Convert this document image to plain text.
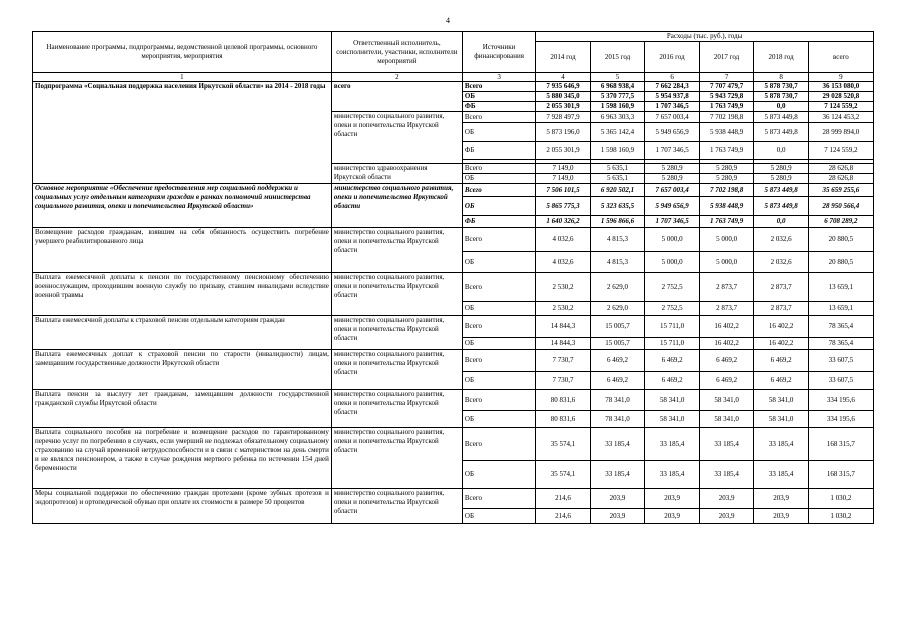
4
Наименование программы, подпрограммы, ведомственной целевой программы, основного мероприятия, мероприятия	Ответственный исполнитель, соисполнители, участники, исполнители мероприятий	Источники финансирования	Расходы (тыс. руб.), годы					
			2014 год	2015 год	2016 год	2017 год	2018 год	всего
1	2	3	4	5	6	7	8	9
Подпрограмма «Социальная поддержка населения Иркутской области» на 2014 - 2018 годы	всего	Всего	7 935 646,9	6 968 938,4	7 662 284,3	7 707 479,7	5 878 730,7	36 153 080,0
		ОБ	5 880 345,0	5 370 777,5	5 954 937,8	5 943 729,8	5 878 730,7	29 028 520,8
		ФБ	2 055 301,9	1 598 160,9	1 707 346,5	1 763 749,9	0,0	7 124 559,2
	министерство социального развития, опеки и попечительства Иркутской области	Всего	7 928 497,9	6 963 303,3	7 657 003,4	7 702 198,8	5 873 449,8	36 124 453,2
		ОБ	5 873 196,0	5 365 142,4	5 949 656,9	5 938 448,9	5 873 449,8	28 999 894,0
		ФБ	2 055 301,9	1 598 160,9	1 707 346,5	1 763 749,9	0,0	7 124 559,2

	министерство здравоохранения Иркутской области	Всего	7 149,0	5 635,1	5 280,9	5 280,9	5 280,9	28 626,8
		ОБ	7 149,0	5 635,1	5 280,9	5 280,9	5 280,9	28 626,8
Основное мероприятие «Обеспечение предоставления мер социальной поддержки и социальных услуг отдельным категориям граждан в рамках полномочий министерства социального развития, опеки и попечительства Иркутской области»	министерство социального развития, опеки и попечительства Иркутской области	Всего	7 506 101,5	6 920 502,1	7 657 003,4	7 702 198,8	5 873 449,8	35 659 255,6
		ОБ	5 865 775,3	5 323 635,5	5 949 656,9	5 938 448,9	5 873 449,8	28 950 566,4
		ФБ	1 640 326,2	1 596 866,6	1 707 346,5	1 763 749,9	0,0	6 708 289,2
Возмещение расходов гражданам, взявшим на себя обязанность осуществить погребение умершего реабилитированного лица	министерство социального развития, опеки и попечительства Иркутской области	Всего	4 032,6	4 815,3	5 000,0	5 000,0	2 032,6	20 880,5
		ОБ	4 032,6	4 815,3	5 000,0	5 000,0	2 032,6	20 880,5
Выплата ежемесячной доплаты к пенсии по государственному пенсионному обеспечению военнослужащим, проходившим военную службу по призыву, ставшим инвалидами вследствие военной травмы	министерство социального развития, опеки и попечительства Иркутской области	Всего	2 530,2	2 629,0	2 752,5	2 873,7	2 873,7	13 659,1
		ОБ	2 530,2	2 629,0	2 752,5	2 873,7	2 873,7	13 659,1
Выплата ежемесячной доплаты к страховой пенсии отдельным категориям граждан	министерство социального развития, опеки и попечительства Иркутской области	Всего	14 844,3	15 005,7	15 711,0	16 402,2	16 402,2	78 365,4
		ОБ	14 844,3	15 005,7	15 711,0	16 402,2	16 402,2	78 365,4
Выплата ежемесячных доплат к страховой пенсии по старости (инвалидности) лицам, замещавшим государственные должности Иркутской области	министерство социального развития, опеки и попечительства Иркутской области	Всего	7 730,7	6 469,2	6 469,2	6 469,2	6 469,2	33 607,5
		ОБ	7 730,7	6 469,2	6 469,2	6 469,2	6 469,2	33 607,5
Выплата пенсии за выслугу лет гражданам, замещавшим должности государственной гражданской службы Иркутской области	министерство социального развития, опеки и попечительства Иркутской области	Всего	80 831,6	78 341,0	58 341,0	58 341,0	58 341,0	334 195,6
		ОБ	80 831,6	78 341,0	58 341,0	58 341,0	58 341,0	334 195,6
Выплата социального пособия на погребение и возмещение расходов по гарантированному перечню услуг по погребению в случаях, если умерший не подлежал обязательному социальному страхованию на случай временной нетрудоспособности и в связи с материнством на день смерти и не являлся пенсионером, а также в случае рождения мертвого ребенка по истечении 154 дней беременности	министерство социального развития, опеки и попечительства Иркутской области	Всего	35 574,1	33 185,4	33 185,4	33 185,4	33 185,4	168 315,7
		ОБ	35 574,1	33 185,4	33 185,4	33 185,4	33 185,4	168 315,7
Меры социальной поддержки по обеспечению граждан протезами (кроме зубных протезов и эндопротезов) и ортопедической обувью при оплате их стоимости в размере 50 процентов	министерство социального развития, опеки и попечительства Иркутской области	Всего	214,6	203,9	203,9	203,9	203,9	1 030,2
		ОБ	214,6	203,9	203,9	203,9	203,9	1 030,2
